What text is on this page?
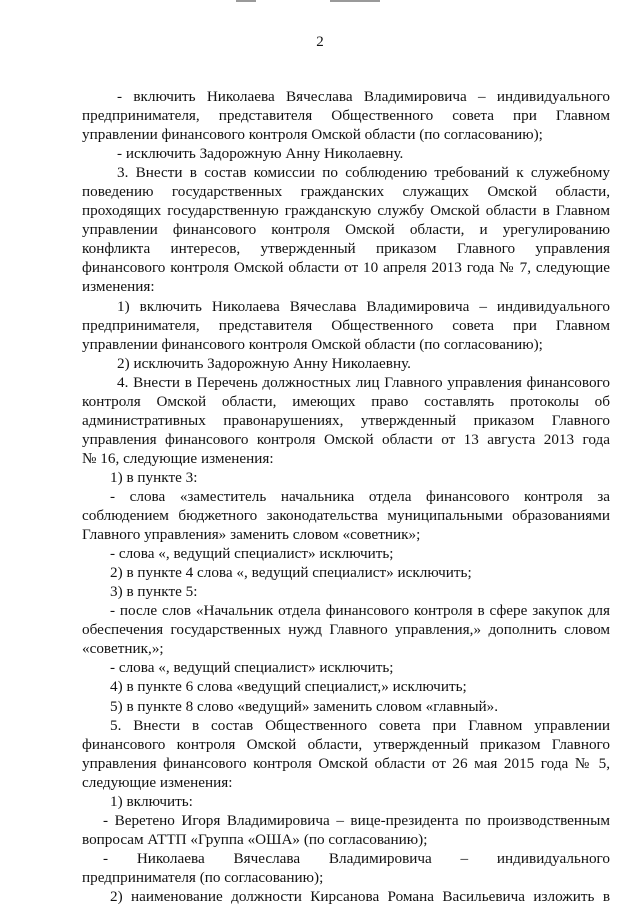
2
- включить Николаева Вячеслава Владимировича – индивидуального
предпринимателя, представителя Общественного совета при Главном
управлении финансового контроля Омской области (по согласованию);
- исключить Задорожную Анну Николаевну.
3. Внести в состав комиссии по соблюдению требований к служебному
поведению государственных гражданских служащих Омской области,
проходящих государственную гражданскую службу Омской области в Главном
управлении финансового контроля Омской области, и урегулированию
конфликта интересов, утвержденный приказом Главного управления
финансового контроля Омской области от 10 апреля 2013 года № 7, следующие
изменения:
1) включить Николаева Вячеслава Владимировича – индивидуального
предпринимателя, представителя Общественного совета при Главном
управлении финансового контроля Омской области (по согласованию);
2) исключить Задорожную Анну Николаевну.
4. Внести в Перечень должностных лиц Главного управления финансового
контроля Омской области, имеющих право составлять протоколы об
административных правонарушениях, утвержденный приказом Главного
управления финансового контроля Омской области от 13 августа 2013 года
№ 16, следующие изменения:
1) в пункте 3:
- слова «заместитель начальника отдела финансового контроля за
соблюдением бюджетного законодательства муниципальными образованиями
Главного управления» заменить словом «советник»;
- слова «, ведущий специалист» исключить;
2) в пункте 4 слова «, ведущий специалист» исключить;
3) в пункте 5:
- после слов «Начальник отдела финансового контроля в сфере закупок для
обеспечения государственных нужд Главного управления,» дополнить словом
«советник,»;
- слова «, ведущий специалист» исключить;
4) в пункте 6 слова «ведущий специалист,» исключить;
5) в пункте 8 слово «ведущий» заменить словом «главный».
5. Внести в состав Общественного совета при Главном управлении
финансового контроля Омской области, утвержденный приказом Главного
управления финансового контроля Омской области от 26 мая 2015 года № 5,
следующие изменения:
1) включить:
- Веретено Игоря Владимировича – вице-президента по производственным
вопросам АТТП «Группа «ОША» (по согласованию);
- Николаева Вячеслава Владимировича – индивидуального
предпринимателя (по согласованию);
2) наименование должности Кирсанова Романа Васильевича изложить в
